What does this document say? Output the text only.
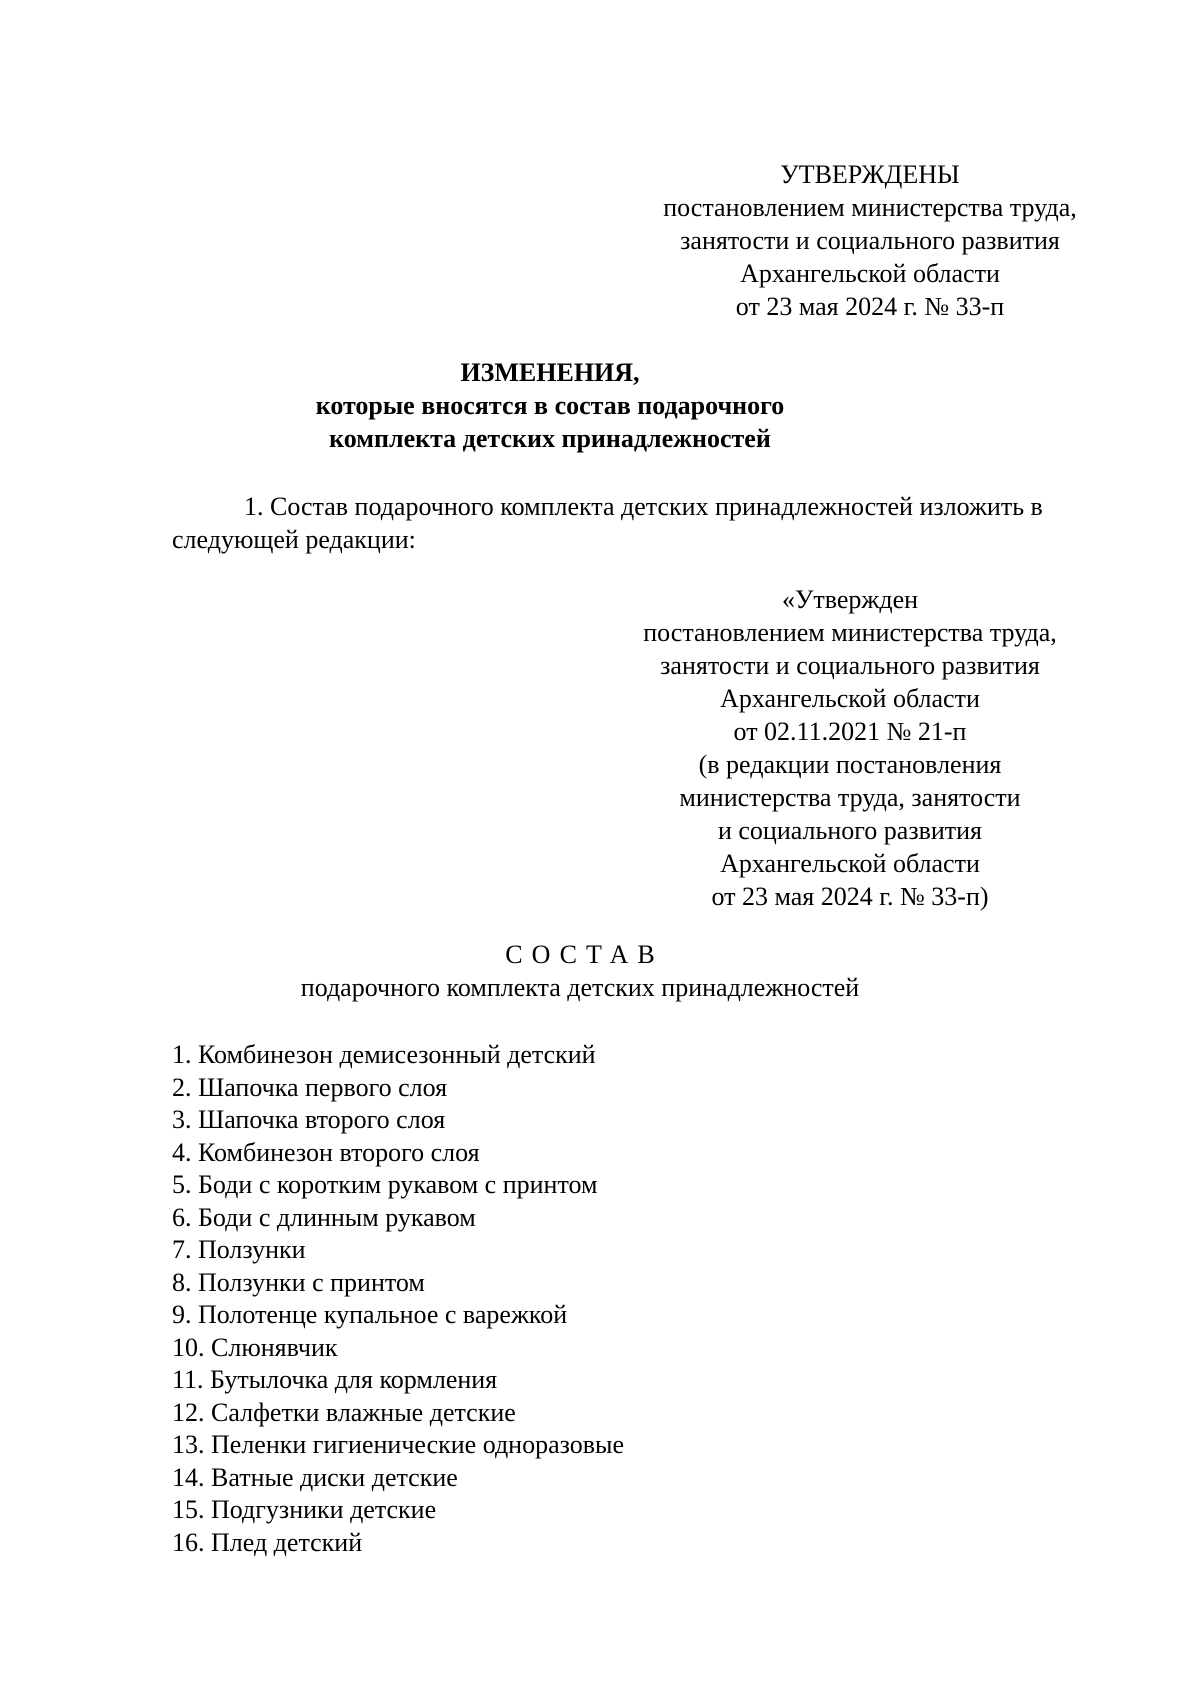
УТВЕРЖДЕНЫ
постановлением министерства труда,
занятости и социального развития
Архангельской области
от 23 мая 2024 г. № 33-п
ИЗМЕНЕНИЯ,
которые вносятся в состав подарочного
комплекта детских принадлежностей
1. Состав подарочного комплекта детских принадлежностей изложить в
следующей редакции:
«Утвержден
постановлением министерства труда,
занятости и социального развития
Архангельской области
от 02.11.2021 № 21-п
(в редакции постановления
министерства труда, занятости
и социального развития
Архангельской области
от 23 мая 2024 г. № 33-п)
СОСТАВ
подарочного комплекта детских принадлежностей
1. Комбинезон демисезонный детский
2. Шапочка первого слоя
3. Шапочка второго слоя
4. Комбинезон второго слоя
5. Боди с коротким рукавом с принтом
6. Боди с длинным рукавом
7. Ползунки
8. Ползунки с принтом
9. Полотенце купальное с варежкой
10. Слюнявчик
11. Бутылочка для кормления
12. Салфетки влажные детские
13. Пеленки гигиенические одноразовые
14. Ватные диски детские
15. Подгузники детские
16. Плед детский
